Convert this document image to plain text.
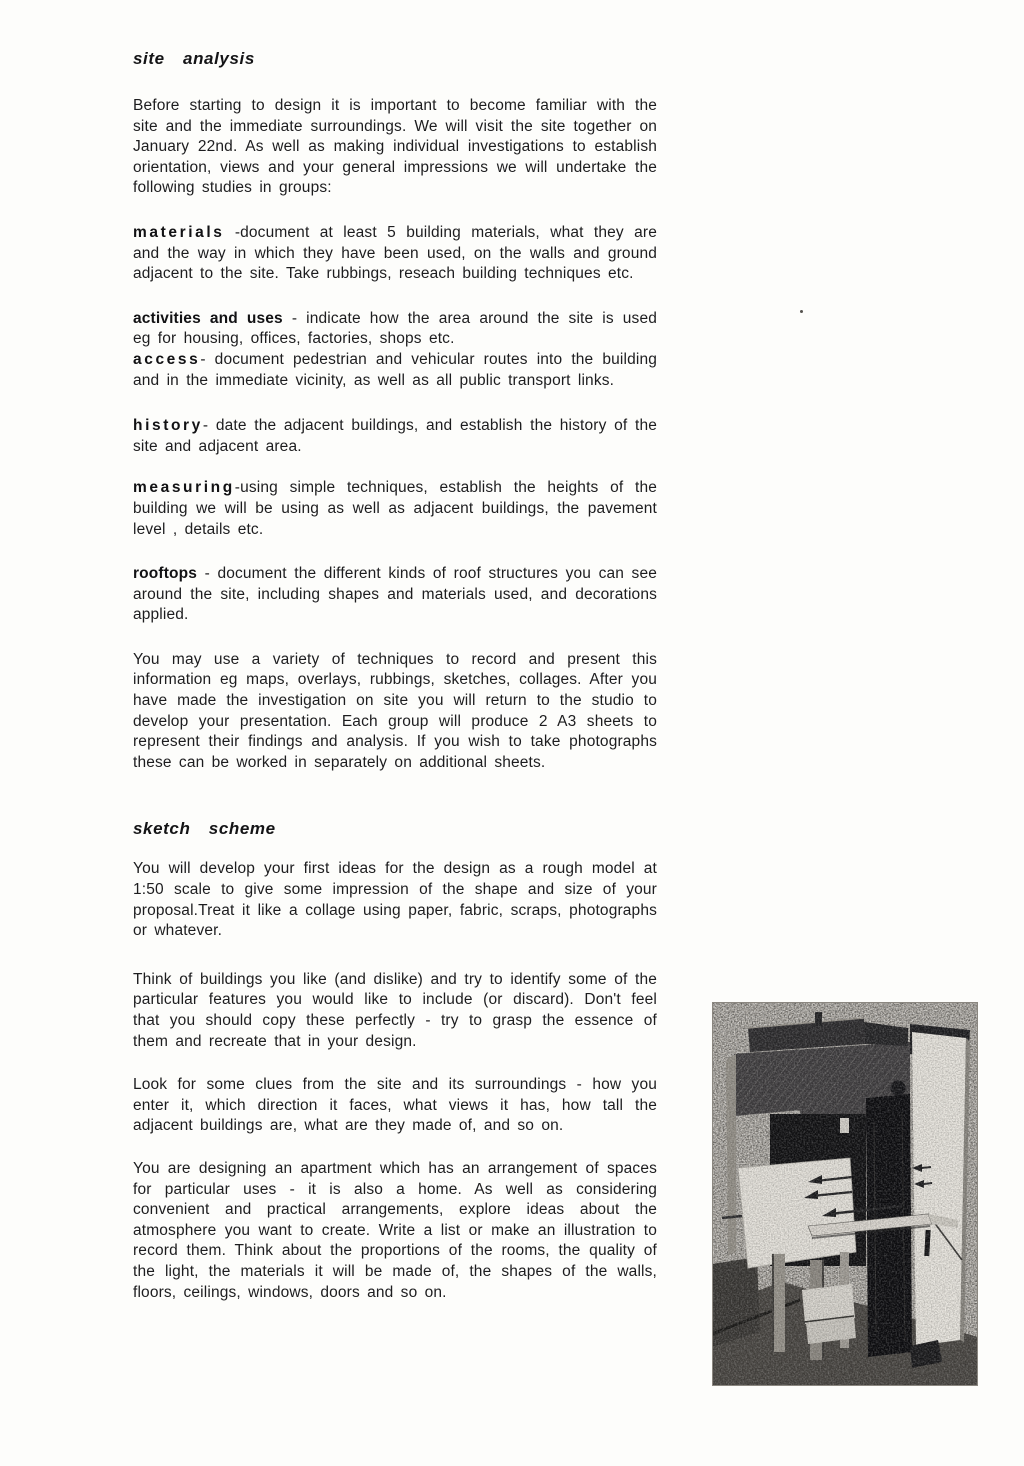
site analysis

Before starting to design it is important to become familiar with the site and the immediate surroundings. We will visit the site together on January 22nd. As well as making individual investigations to establish orientation, views and your general impressions we will undertake the following studies in groups:

materials -document at least 5 building materials, what they are and the way in which they have been used, on the walls and ground adjacent to the site. Take rubbings, reseach building techniques etc.

activities and uses - indicate how the area around the site is used eg for housing, offices, factories, shops etc.

access- document pedestrian and vehicular routes into the building and in the immediate vicinity, as well as all public transport links.

history- date the adjacent buildings, and establish the history of the site and adjacent area.

measuring-using simple techniques, establish the heights of the building we will be using as well as adjacent buildings, the pavement level , details etc.

rooftops - document the different kinds of roof structures you can see around the site, including shapes and materials used, and decorations applied.

You may use a variety of techniques to record and present this information eg maps, overlays, rubbings, sketches, collages. After you have made the investigation on site you will return to the studio to develop your presentation. Each group will produce 2 A3 sheets to represent their findings and analysis. If you wish to take photographs these can be worked in separately on additional sheets.

sketch scheme

You will develop your first ideas for the design as a rough model at 1:50 scale to give some impression of the shape and size of your proposal.Treat it like a collage using paper, fabric, scraps, photographs or whatever.

Think of buildings you like (and dislike) and try to identify some of the particular features you would like to include (or discard). Don't feel that you should copy these perfectly - try to grasp the essence of them and recreate that in your design.

Look for some clues from the site and its surroundings - how you enter it, which direction it faces, what views it has, how tall the adjacent buildings are, what are they made of, and so on.

You are designing an apartment which has an arrangement of spaces for particular uses - it is also a home. As well as considering convenient and practical arrangements, explore ideas about the atmosphere you want to create. Write a list or make an illustration to record them. Think about the proportions of the rooms, the quality of the light, the materials it will be made of, the shapes of the walls, floors, ceilings, windows, doors and so on.
